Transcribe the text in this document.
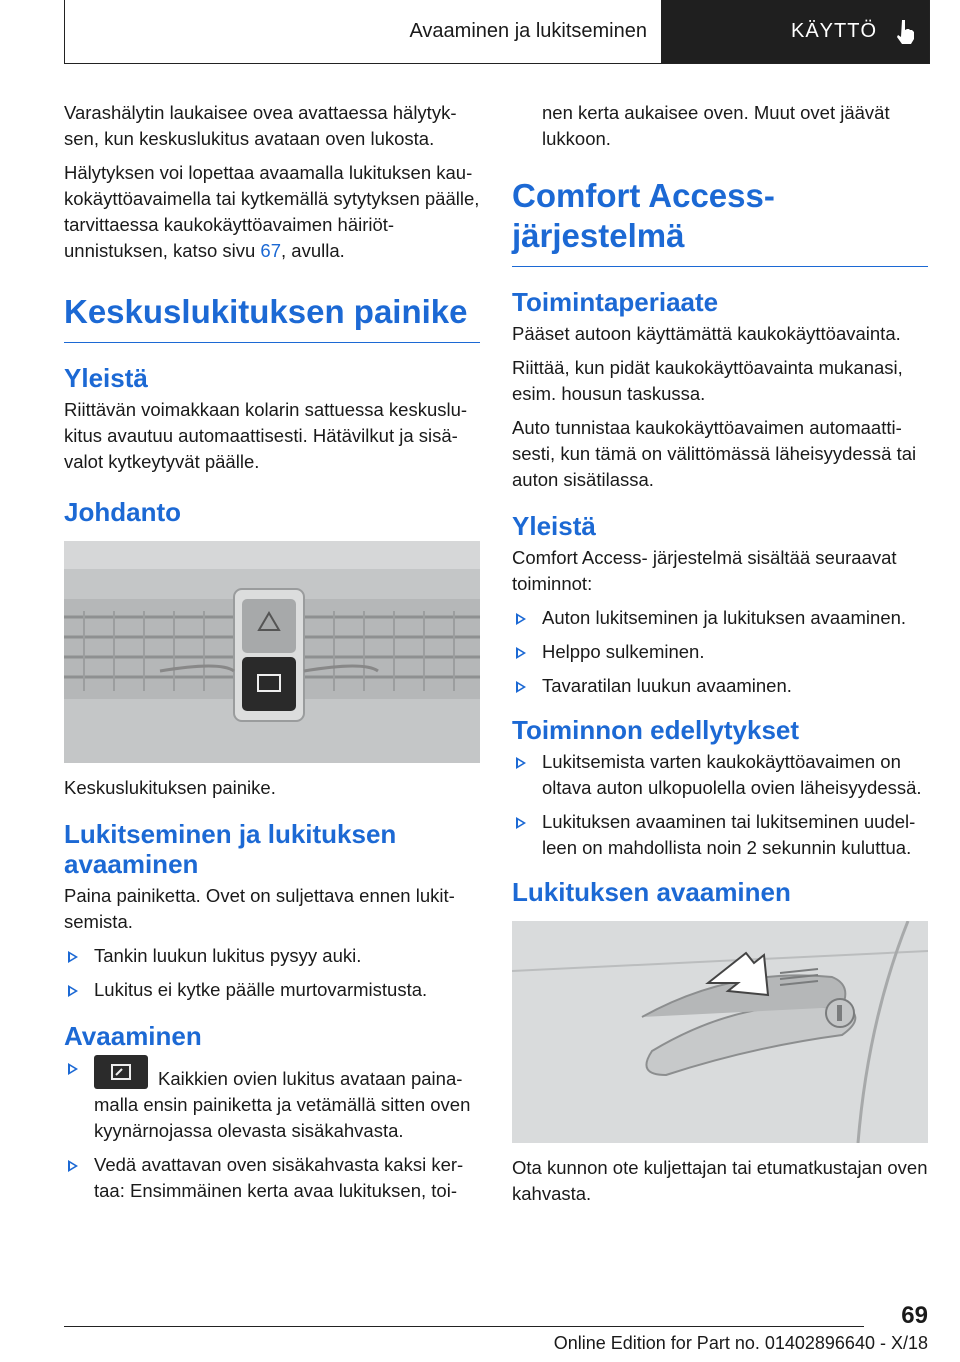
Avaaminen ja lukitseminen	KÄYTTÖ

Varashälytin laukaisee ovea avattaessa hälytyk‐ sen, kun keskuslukitus avataan oven lukosta.

Hälytyksen voi lopettaa avaamalla lukituksen kau‐ kokäyttöavaimella tai kytkemällä sytytyksen päälle, tarvittaessa kaukokäyttöavaimen häiriöt‐ unnistuksen, katso sivu 67, avulla.

Keskuslukituksen painike
Yleistä

Riittävän voimakkaan kolarin sattuessa keskuslu‐ kitus avautuu automaattisesti. Hätävilkut ja sisä‐ valot kytkeytyvät päälle.

Johdanto
Keskuslukituksen painike.
Lukitseminen ja lukituksen avaaminen

Paina painiketta. Ovet on suljettava ennen lukit‐ semista.

Tankin luukun lukitus pysyy auki.
Lukitus ei kytke päälle murtovarmistusta.
Avaaminen
Kaikkien ovien lukitus avataan paina‐ malla ensin painiketta ja vetämällä sitten oven kyynärnojassa olevasta sisäkahvasta.
Vedä avattavan oven sisäkahvasta kaksi ker‐ taa: Ensimmäinen kerta avaa lukituksen, toi‐

nen kerta aukaisee oven. Muut ovet jäävät lukkoon.

Comfort Access- järjestelmä
Toimintaperiaate

Pääset autoon käyttämättä kaukokäyttöavainta.

Riittää, kun pidät kaukokäyttöavainta mukanasi, esim. housun taskussa.

Auto tunnistaa kaukokäyttöavaimen automaatti‐ sesti, kun tämä on välittömässä läheisyydessä tai auton sisätilassa.

Yleistä

Comfort Access- järjestelmä sisältää seuraavat toiminnot:

Auton lukitseminen ja lukituksen avaaminen.
Helppo sulkeminen.
Tavaratilan luukun avaaminen.
Toiminnon edellytykset
Lukitsemista varten kaukokäyttöavaimen on oltava auton ulkopuolella ovien läheisyydessä.
Lukituksen avaaminen tai lukitseminen uudel‐ leen on mahdollista noin 2 sekunnin kuluttua.
Lukituksen avaaminen
Ota kunnon ote kuljettajan tai etumatkustajan oven kahvasta.
69
Online Edition for Part no. 01402896640 - X/18
